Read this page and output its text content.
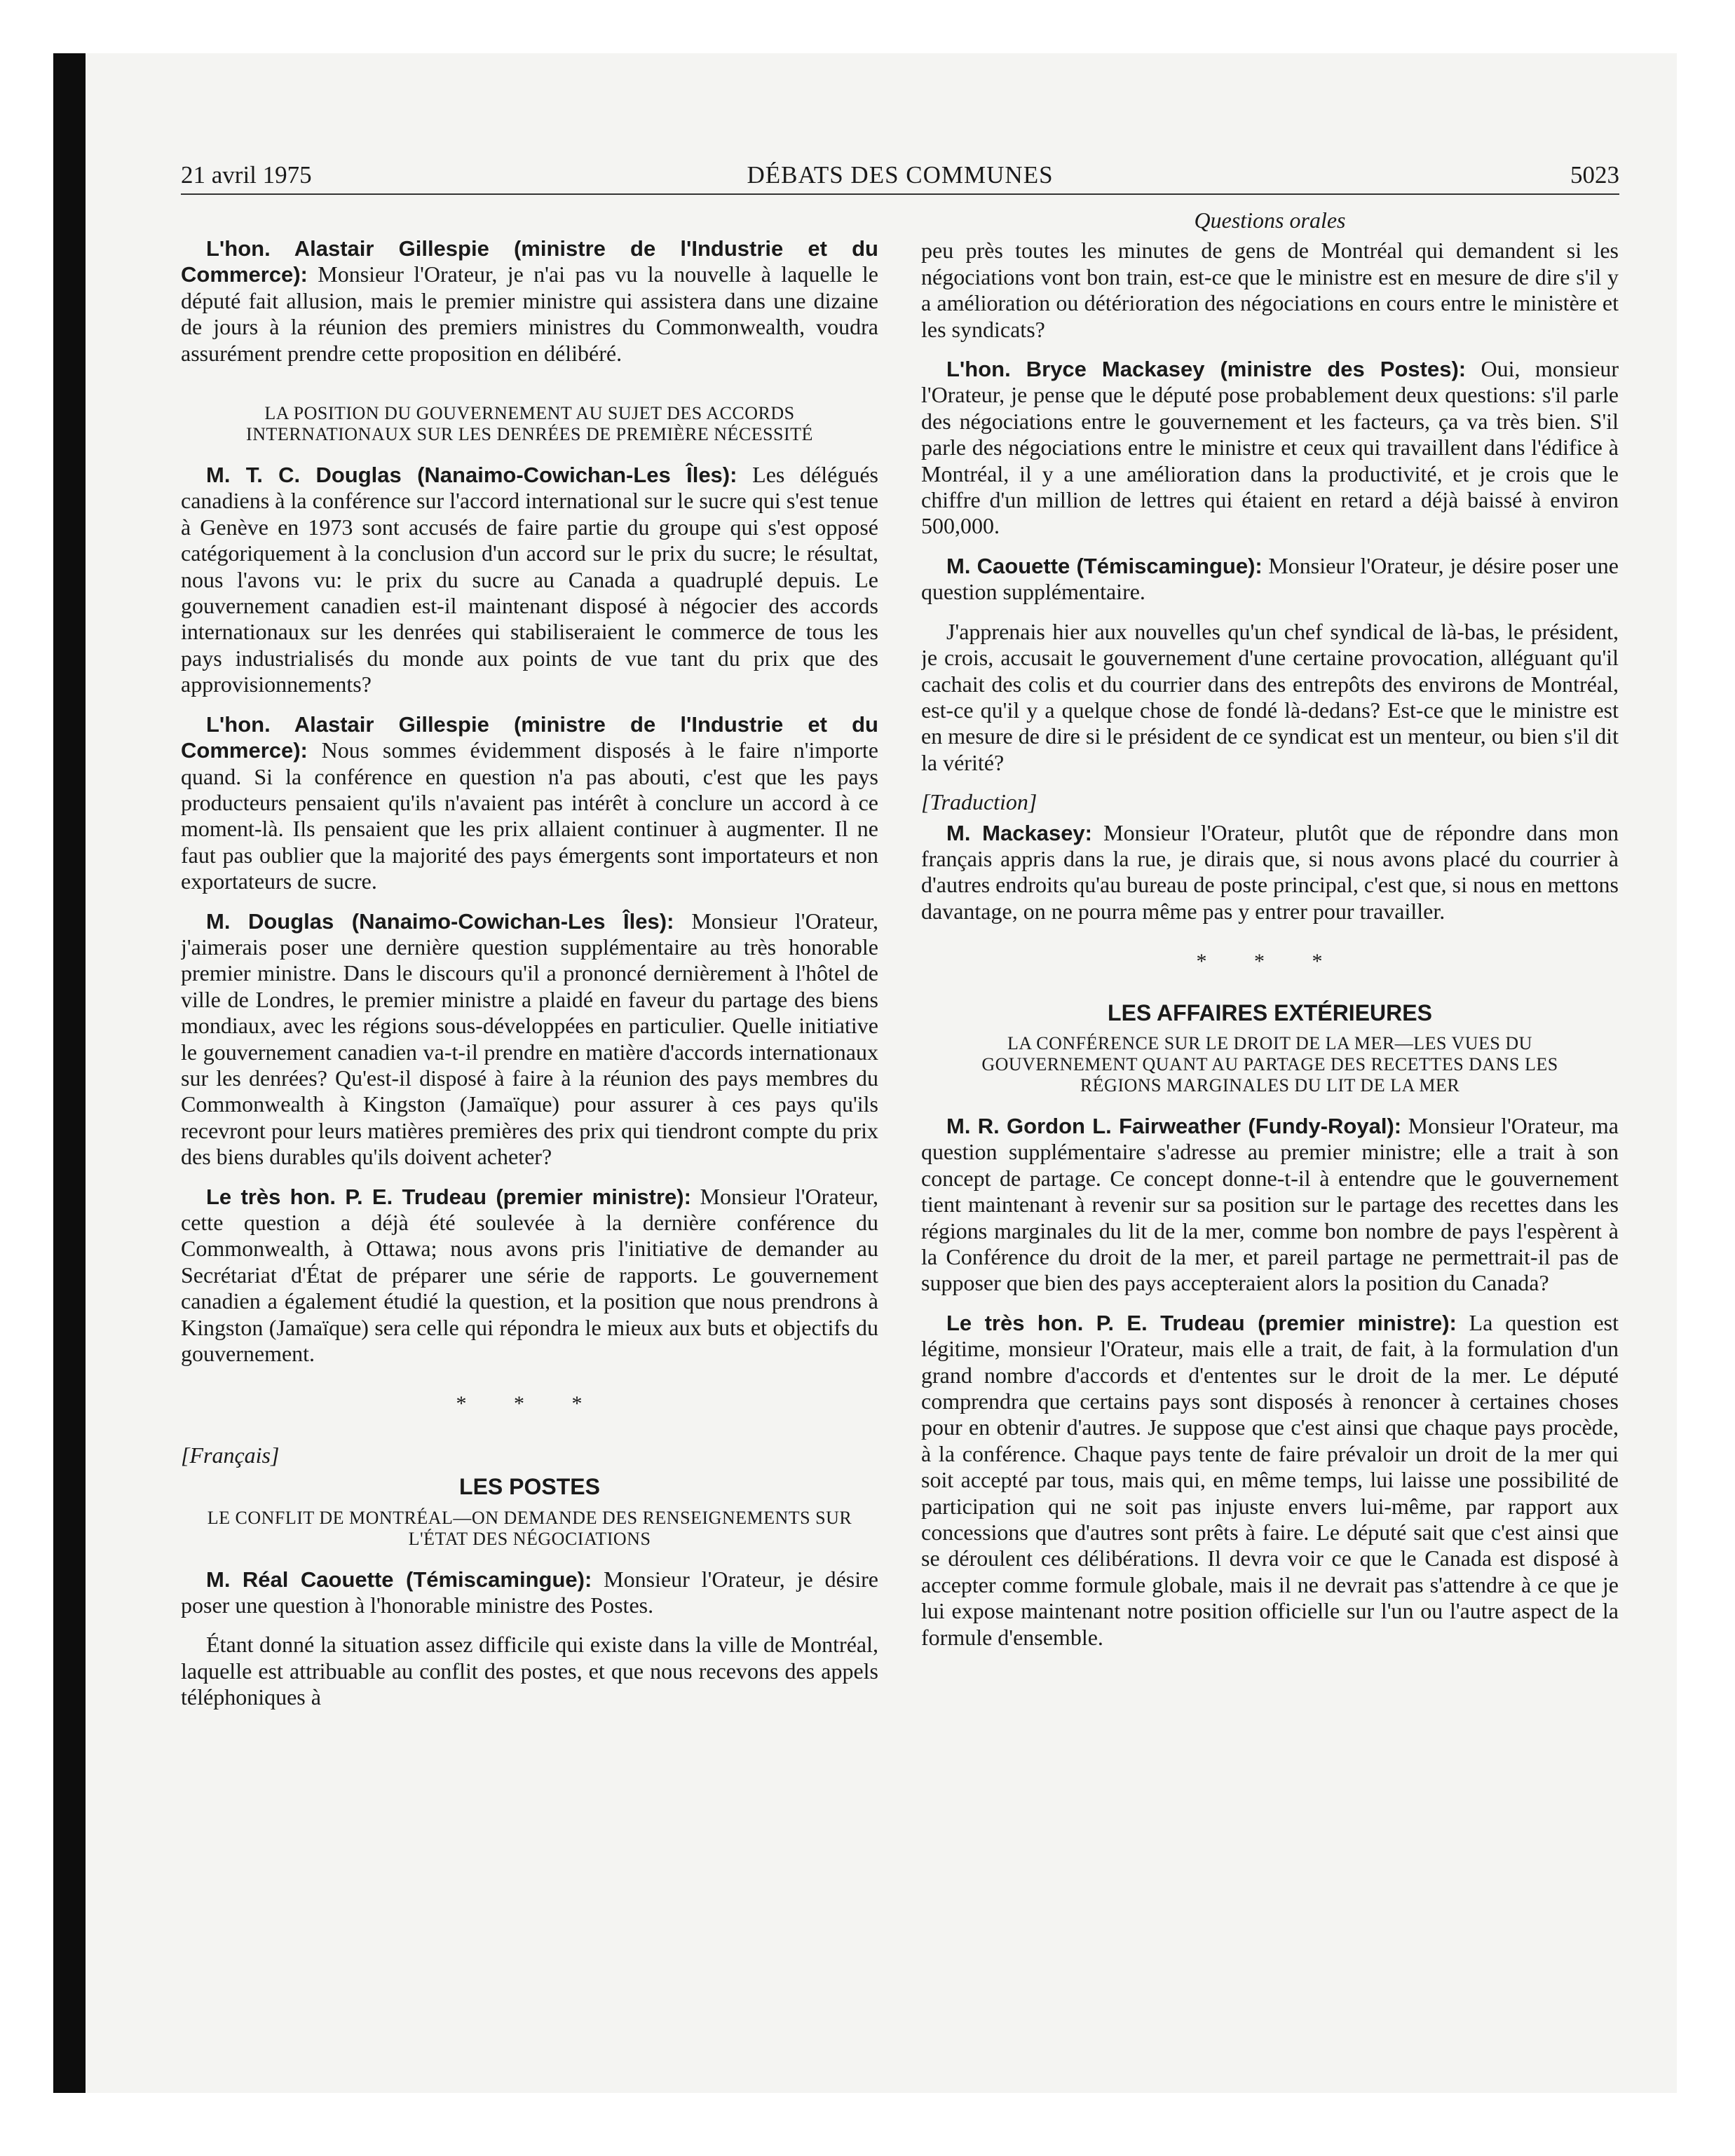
21 avril 1975	DÉBATS DES COMMUNES	5023

L'hon. Alastair Gillespie (ministre de l'Industrie et du Commerce): Monsieur l'Orateur, je n'ai pas vu la nouvelle à laquelle le député fait allusion, mais le premier ministre qui assistera dans une dizaine de jours à la réunion des premiers ministres du Commonwealth, voudra assurément prendre cette proposition en délibéré.

LA POSITION DU GOUVERNEMENT AU SUJET DES ACCORDS INTERNATIONAUX SUR LES DENRÉES DE PREMIÈRE NÉCESSITÉ

M. T. C. Douglas (Nanaimo-Cowichan-Les Îles): Les délégués canadiens à la conférence sur l'accord international sur le sucre qui s'est tenue à Genève en 1973 sont accusés de faire partie du groupe qui s'est opposé catégoriquement à la conclusion d'un accord sur le prix du sucre; le résultat, nous l'avons vu: le prix du sucre au Canada a quadruplé depuis. Le gouvernement canadien est-il maintenant disposé à négocier des accords internationaux sur les denrées qui stabiliseraient le commerce de tous les pays industrialisés du monde aux points de vue tant du prix que des approvisionnements?

L'hon. Alastair Gillespie (ministre de l'Industrie et du Commerce): Nous sommes évidemment disposés à le faire n'importe quand. Si la conférence en question n'a pas abouti, c'est que les pays producteurs pensaient qu'ils n'avaient pas intérêt à conclure un accord à ce moment-là. Ils pensaient que les prix allaient continuer à augmenter. Il ne faut pas oublier que la majorité des pays émergents sont importateurs et non exportateurs de sucre.

M. Douglas (Nanaimo-Cowichan-Les Îles): Monsieur l'Orateur, j'aimerais poser une dernière question supplémentaire au très honorable premier ministre. Dans le discours qu'il a prononcé dernièrement à l'hôtel de ville de Londres, le premier ministre a plaidé en faveur du partage des biens mondiaux, avec les régions sous-développées en particulier. Quelle initiative le gouvernement canadien va-t-il prendre en matière d'accords internationaux sur les denrées? Qu'est-il disposé à faire à la réunion des pays membres du Commonwealth à Kingston (Jamaïque) pour assurer à ces pays qu'ils recevront pour leurs matières premières des prix qui tiendront compte du prix des biens durables qu'ils doivent acheter?

Le très hon. P. E. Trudeau (premier ministre): Monsieur l'Orateur, cette question a déjà été soulevée à la dernière conférence du Commonwealth, à Ottawa; nous avons pris l'initiative de demander au Secrétariat d'État de préparer une série de rapports. Le gouvernement canadien a également étudié la question, et la position que nous prendrons à Kingston (Jamaïque) sera celle qui répondra le mieux aux buts et objectifs du gouvernement.

* * *
[Français]
LES POSTES
LE CONFLIT DE MONTRÉAL—ON DEMANDE DES RENSEIGNEMENTS SUR L'ÉTAT DES NÉGOCIATIONS

M. Réal Caouette (Témiscamingue): Monsieur l'Orateur, je désire poser une question à l'honorable ministre des Postes.

Étant donné la situation assez difficile qui existe dans la ville de Montréal, laquelle est attribuable au conflit des postes, et que nous recevons des appels téléphoniques à

Questions orales

peu près toutes les minutes de gens de Montréal qui demandent si les négociations vont bon train, est-ce que le ministre est en mesure de dire s'il y a amélioration ou détérioration des négociations en cours entre le ministère et les syndicats?

L'hon. Bryce Mackasey (ministre des Postes): Oui, monsieur l'Orateur, je pense que le député pose probablement deux questions: s'il parle des négociations entre le gouvernement et les facteurs, ça va très bien. S'il parle des négociations entre le ministre et ceux qui travaillent dans l'édifice à Montréal, il y a une amélioration dans la productivité, et je crois que le chiffre d'un million de lettres qui étaient en retard a déjà baissé à environ 500,000.

M. Caouette (Témiscamingue): Monsieur l'Orateur, je désire poser une question supplémentaire.

J'apprenais hier aux nouvelles qu'un chef syndical de là-bas, le président, je crois, accusait le gouvernement d'une certaine provocation, alléguant qu'il cachait des colis et du courrier dans des entrepôts des environs de Montréal, est-ce qu'il y a quelque chose de fondé là-dedans? Est-ce que le ministre est en mesure de dire si le président de ce syndicat est un menteur, ou bien s'il dit la vérité?

[Traduction]

M. Mackasey: Monsieur l'Orateur, plutôt que de répondre dans mon français appris dans la rue, je dirais que, si nous avons placé du courrier à d'autres endroits qu'au bureau de poste principal, c'est que, si nous en mettons davantage, on ne pourra même pas y entrer pour travailler.

* * *
LES AFFAIRES EXTÉRIEURES
LA CONFÉRENCE SUR LE DROIT DE LA MER—LES VUES DU GOUVERNEMENT QUANT AU PARTAGE DES RECETTES DANS LES RÉGIONS MARGINALES DU LIT DE LA MER

M. R. Gordon L. Fairweather (Fundy-Royal): Monsieur l'Orateur, ma question supplémentaire s'adresse au premier ministre; elle a trait à son concept de partage. Ce concept donne-t-il à entendre que le gouvernement tient maintenant à revenir sur sa position sur le partage des recettes dans les régions marginales du lit de la mer, comme bon nombre de pays l'espèrent à la Conférence du droit de la mer, et pareil partage ne permettrait-il pas de supposer que bien des pays accepteraient alors la position du Canada?

Le très hon. P. E. Trudeau (premier ministre): La question est légitime, monsieur l'Orateur, mais elle a trait, de fait, à la formulation d'un grand nombre d'accords et d'ententes sur le droit de la mer. Le député comprendra que certains pays sont disposés à renoncer à certaines choses pour en obtenir d'autres. Je suppose que c'est ainsi que chaque pays procède, à la conférence. Chaque pays tente de faire prévaloir un droit de la mer qui soit accepté par tous, mais qui, en même temps, lui laisse une possibilité de participation qui ne soit pas injuste envers lui-même, par rapport aux concessions que d'autres sont prêts à faire. Le député sait que c'est ainsi que se déroulent ces délibérations. Il devra voir ce que le Canada est disposé à accepter comme formule globale, mais il ne devrait pas s'attendre à ce que je lui expose maintenant notre position officielle sur l'un ou l'autre aspect de la formule d'ensemble.
